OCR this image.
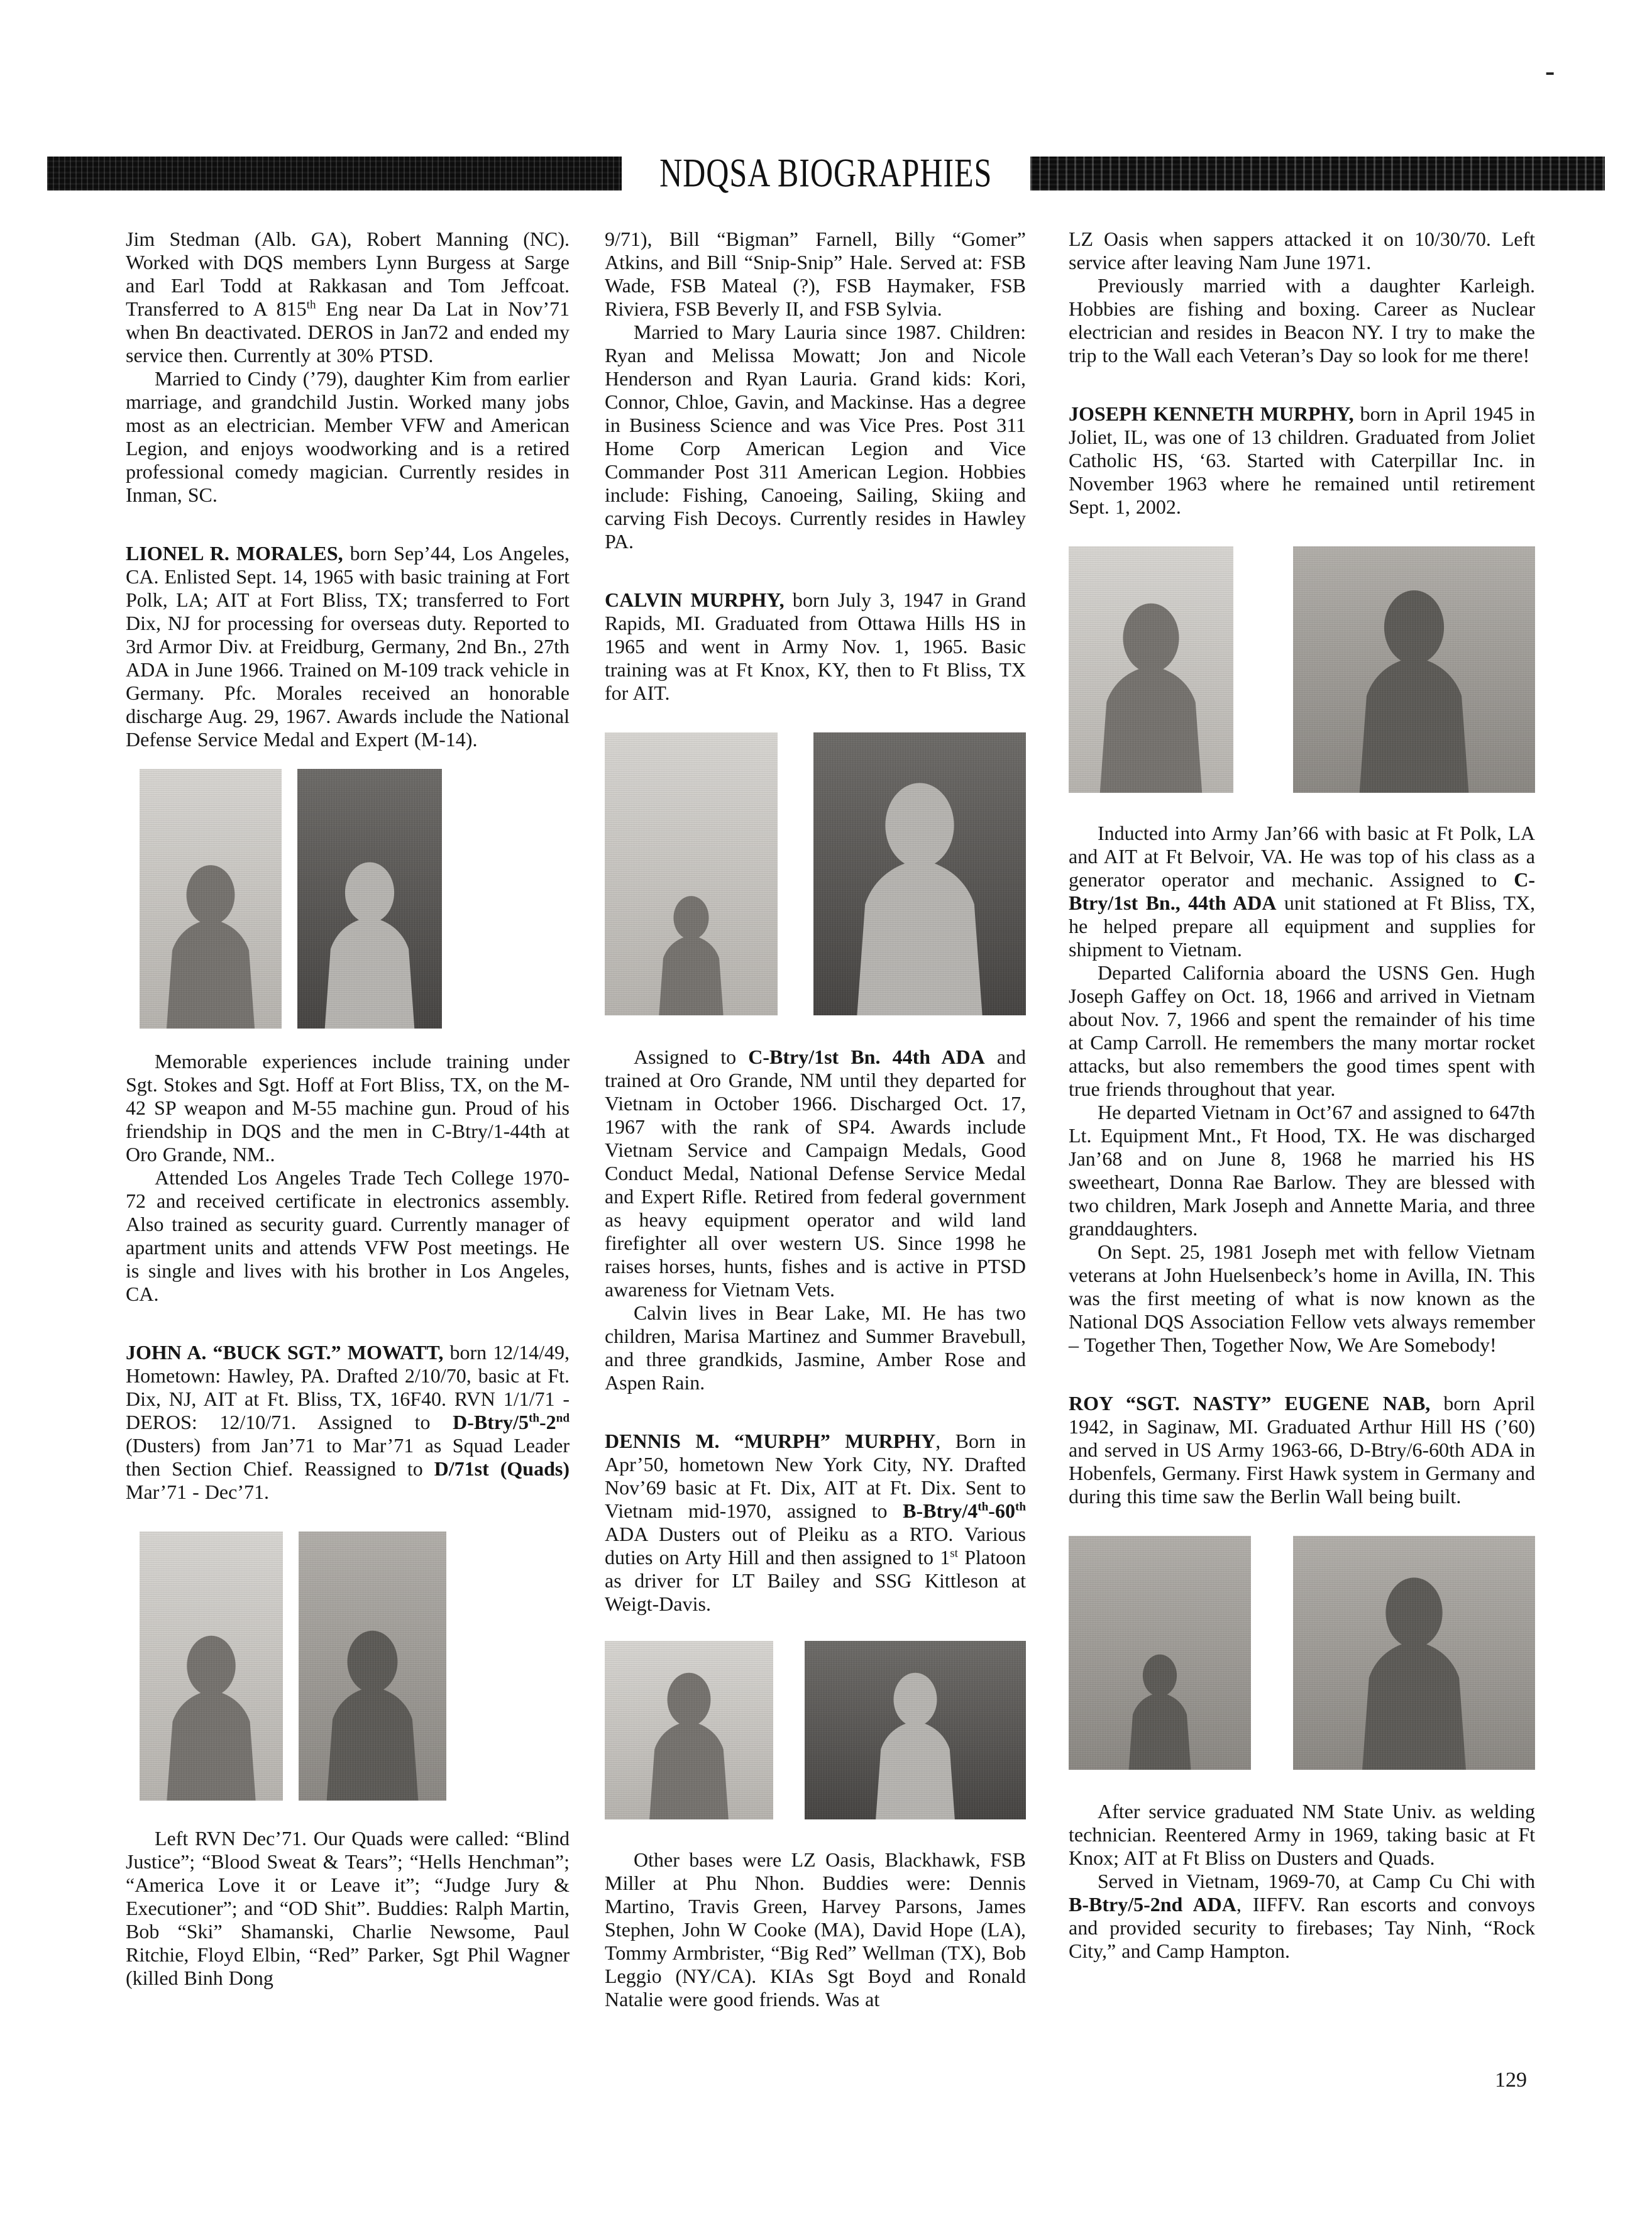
-
NDQSA BIOGRAPHIES

Jim Stedman (Alb. GA), Robert Manning (NC). Worked with DQS members Lynn Burgess at Sarge and Earl Todd at Rakkasan and Tom Jeffcoat. Transferred to A 815th Eng near Da Lat in Nov’71 when Bn deactivated. DEROS in Jan72 and ended my service then. Currently at 30% PTSD.

Married to Cindy (’79), daughter Kim from earlier marriage, and grandchild Justin. Worked many jobs most as an electrician. Member VFW and American Legion, and enjoys woodworking and is a retired professional comedy magician. Currently resides in Inman, SC.

LIONEL R. MORALES, born Sep’44, Los Angeles, CA. Enlisted Sept. 14, 1965 with basic training at Fort Polk, LA; AIT at Fort Bliss, TX; transferred to Fort Dix, NJ for processing for overseas duty. Reported to 3rd Armor Div. at Freidburg, Germany, 2nd Bn., 27th ADA in June 1966. Trained on M-109 track vehicle in Germany. Pfc. Morales received an honorable discharge Aug. 29, 1967. Awards include the National Defense Service Medal and Expert (M-14).

Memorable experiences include training under Sgt. Stokes and Sgt. Hoff at Fort Bliss, TX, on the M-42 SP weapon and M-55 machine gun. Proud of his friendship in DQS and the men in C-Btry/1-44th at Oro Grande, NM..

Attended Los Angeles Trade Tech College 1970-72 and received certificate in electronics assembly. Also trained as security guard. Currently manager of apartment units and attends VFW Post meetings. He is single and lives with his brother in Los Angeles, CA.

JOHN A. “BUCK SGT.” MOWATT, born 12/14/49, Hometown: Hawley, PA. Drafted 2/10/70, basic at Ft. Dix, NJ, AIT at Ft. Bliss, TX, 16F40. RVN 1/1/71 - DEROS: 12/10/71. Assigned to D-Btry/5th-2nd (Dusters) from Jan’71 to Mar’71 as Squad Leader then Section Chief. Reassigned to D/71st (Quads) Mar’71 - Dec’71.

Left RVN Dec’71. Our Quads were called: “Blind Justice”; “Blood Sweat & Tears”; “Hells Henchman”; “America Love it or Leave it”; “Judge Jury & Executioner”; and “OD Shit”. Buddies: Ralph Martin, Bob “Ski” Shamanski, Charlie Newsome, Paul Ritchie, Floyd Elbin, “Red” Parker, Sgt Phil Wagner (killed Binh Dong

9/71), Bill “Bigman” Farnell, Billy “Gomer” Atkins, and Bill “Snip-Snip” Hale. Served at: FSB Wade, FSB Mateal (?), FSB Haymaker, FSB Riviera, FSB Beverly II, and FSB Sylvia.

Married to Mary Lauria since 1987. Children: Ryan and Melissa Mowatt; Jon and Nicole Henderson and Ryan Lauria. Grand kids: Kori, Connor, Chloe, Gavin, and Mackinse. Has a degree in Business Science and was Vice Pres. Post 311 Home Corp American Legion and Vice Commander Post 311 American Legion. Hobbies include: Fishing, Canoeing, Sailing, Skiing and carving Fish Decoys. Currently resides in Hawley PA.

CALVIN MURPHY, born July 3, 1947 in Grand Rapids, MI. Graduated from Ottawa Hills HS in 1965 and went in Army Nov. 1, 1965. Basic training was at Ft Knox, KY, then to Ft Bliss, TX for AIT.

Assigned to C-Btry/1st Bn. 44th ADA and trained at Oro Grande, NM until they departed for Vietnam in October 1966. Discharged Oct. 17, 1967 with the rank of SP4. Awards include Vietnam Service and Campaign Medals, Good Conduct Medal, National Defense Service Medal and Expert Rifle. Retired from federal government as heavy equipment operator and wild land firefighter all over western US. Since 1998 he raises horses, hunts, fishes and is active in PTSD awareness for Vietnam Vets.

Calvin lives in Bear Lake, MI. He has two children, Marisa Martinez and Summer Bravebull, and three grandkids, Jasmine, Amber Rose and Aspen Rain.

DENNIS M. “MURPH” MURPHY, Born in Apr’50, hometown New York City, NY. Drafted Nov’69 basic at Ft. Dix, AIT at Ft. Dix. Sent to Vietnam mid-1970, assigned to B-Btry/4th-60th ADA Dusters out of Pleiku as a RTO. Various duties on Arty Hill and then assigned to 1st Platoon as driver for LT Bailey and SSG Kittleson at Weigt-Davis.

Other bases were LZ Oasis, Blackhawk, FSB Miller at Phu Nhon. Buddies were: Dennis Martino, Travis Green, Harvey Parsons, James Stephen, John W Cooke (MA), David Hope (LA), Tommy Armbrister, “Big Red” Wellman (TX), Bob Leggio (NY/CA). KIAs Sgt Boyd and Ronald Natalie were good friends. Was at

LZ Oasis when sappers attacked it on 10/30/70. Left service after leaving Nam June 1971.

Previously married with a daughter Karleigh. Hobbies are fishing and boxing. Career as Nuclear electrician and resides in Beacon NY. I try to make the trip to the Wall each Veteran’s Day so look for me there!

JOSEPH KENNETH MURPHY, born in April 1945 in Joliet, IL, was one of 13 children. Graduated from Joliet Catholic HS, ‘63. Started with Caterpillar Inc. in November 1963 where he remained until retirement Sept. 1, 2002.

Inducted into Army Jan’66 with basic at Ft Polk, LA and AIT at Ft Belvoir, VA. He was top of his class as a generator operator and mechanic. Assigned to C-Btry/1st Bn., 44th ADA unit stationed at Ft Bliss, TX, he helped prepare all equipment and supplies for shipment to Vietnam.

Departed California aboard the USNS Gen. Hugh Joseph Gaffey on Oct. 18, 1966 and arrived in Vietnam about Nov. 7, 1966 and spent the remainder of his time at Camp Carroll. He remembers the many mortar rocket attacks, but also remembers the good times spent with true friends throughout that year.

He departed Vietnam in Oct’67 and assigned to 647th Lt. Equipment Mnt., Ft Hood, TX. He was discharged Jan’68 and on June 8, 1968 he married his HS sweetheart, Donna Rae Barlow. They are blessed with two children, Mark Joseph and Annette Maria, and three granddaughters.

On Sept. 25, 1981 Joseph met with fellow Vietnam veterans at John Huelsenbeck’s home in Avilla, IN. This was the first meeting of what is now known as the National DQS Association Fellow vets always remember – Together Then, Together Now, We Are Somebody!

ROY “SGT. NASTY” EUGENE NAB, born April 1942, in Saginaw, MI. Graduated Arthur Hill HS (’60) and served in US Army 1963-66, D-Btry/6-60th ADA in Hobenfels, Germany. First Hawk system in Germany and during this time saw the Berlin Wall being built.

After service graduated NM State Univ. as welding technician. Reentered Army in 1969, taking basic at Ft Knox; AIT at Ft Bliss on Dusters and Quads.

Served in Vietnam, 1969-70, at Camp Cu Chi with B-Btry/5-2nd ADA, IIFFV. Ran escorts and convoys and provided security to firebases; Tay Ninh, “Rock City,” and Camp Hampton.

129
